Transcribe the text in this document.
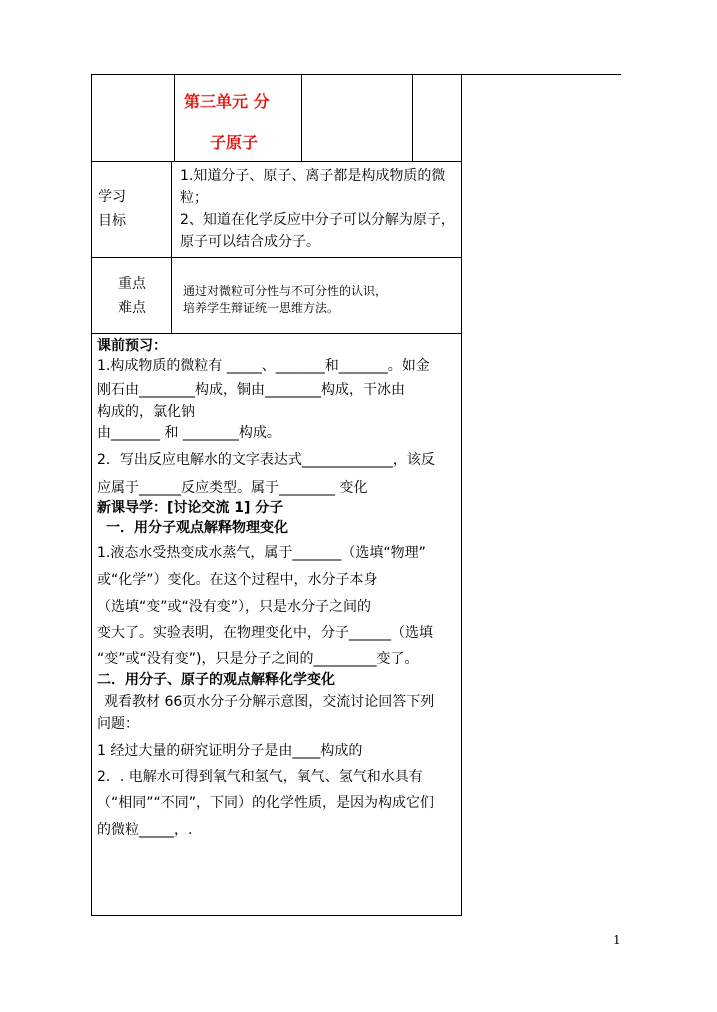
第三单元 分
子原子
学习
目标
1.知道分子、原子、离子都是构成物质的微
粒；
2、知道在化学反应中分子可以分解为原子，
原子可以结合成分子。
重点
难点
通过对微粒可分性与不可分性的认识，
培养学生辩证统一思维方法。
课前预习：
1.构成物质的微粒有 _____、_______和_______。如金
刚石由________构成，铜由________构成，干冰由
构成的，氯化钠
由_______ 和 ________构成。
2．写出反应电解水的文字表达式_____________，该反
应属于______反应类型。属于________ 变化
新课导学：[讨论交流 1] 分子
一．用分子观点解释物理变化
1.液态水受热变成水蒸气，属于_______（选填“物理”
或“化学”）变化。在这个过程中，水分子本身
（选填“变”或“没有变”），只是水分子之间的
变大了。实验表明，在物理变化中，分子______（选填
“变”或“没有变”)，只是分子之间的_________变了。
二．用分子、原子的观点解释化学变化
观看教材 66页水分子分解示意图，交流讨论回答下列
问题：
1 经过大量的研究证明分子是由____构成的
2．. 电解水可得到氧气和氢气，氧气、氢气和水具有
（“相同”“不同”，下同）的化学性质，是因为构成它们
的微粒_____，.
1
